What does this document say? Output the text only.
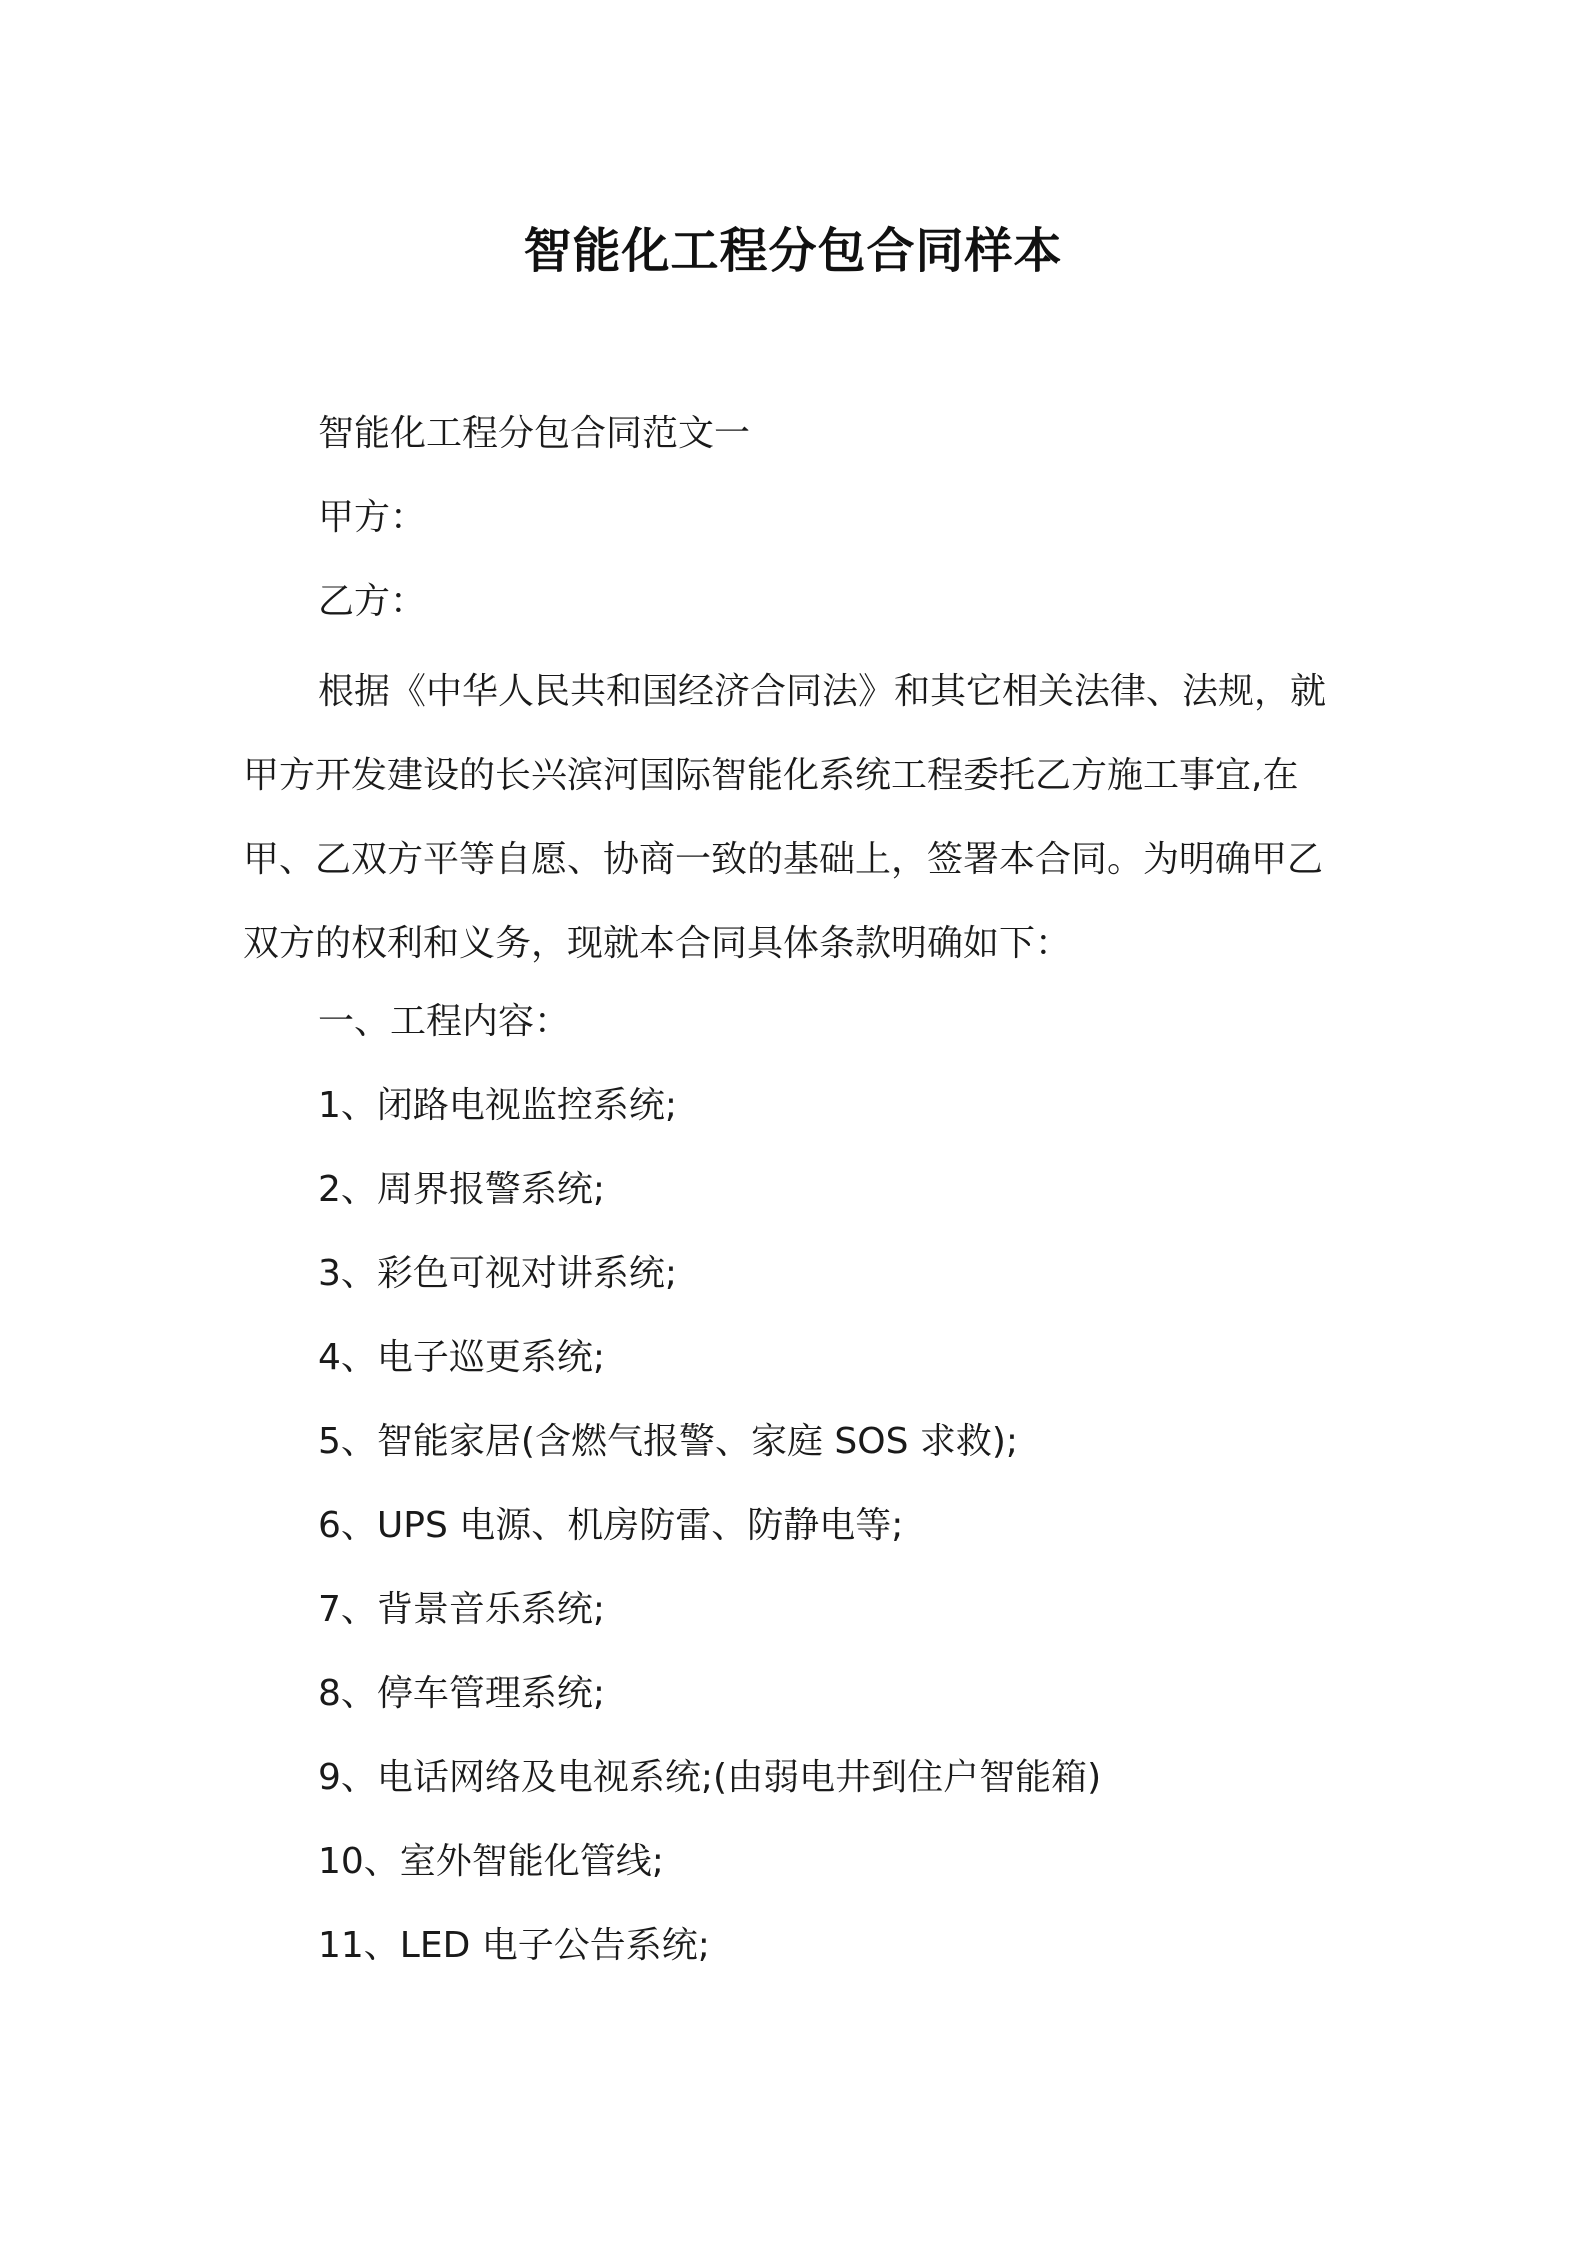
智能化工程分包合同样本

智能化工程分包合同范文一

甲方：

乙方：

根据《中华人民共和国经济合同法》和其它相关法律、法规，就甲方开发建设的长兴滨河国际智能化系统工程委托乙方施工事宜,在甲、乙双方平等自愿、协商一致的基础上，签署本合同。为明确甲乙双方的权利和义务，现就本合同具体条款明确如下：

一、工程内容：

1、闭路电视监控系统;

2、周界报警系统;

3、彩色可视对讲系统;

4、电子巡更系统;

5、智能家居(含燃气报警、家庭 SOS 求救);

6、UPS 电源、机房防雷、防静电等;

7、背景音乐系统;

8、停车管理系统;

9、电话网络及电视系统;(由弱电井到住户智能箱)

10、室外智能化管线;

11、LED 电子公告系统;
